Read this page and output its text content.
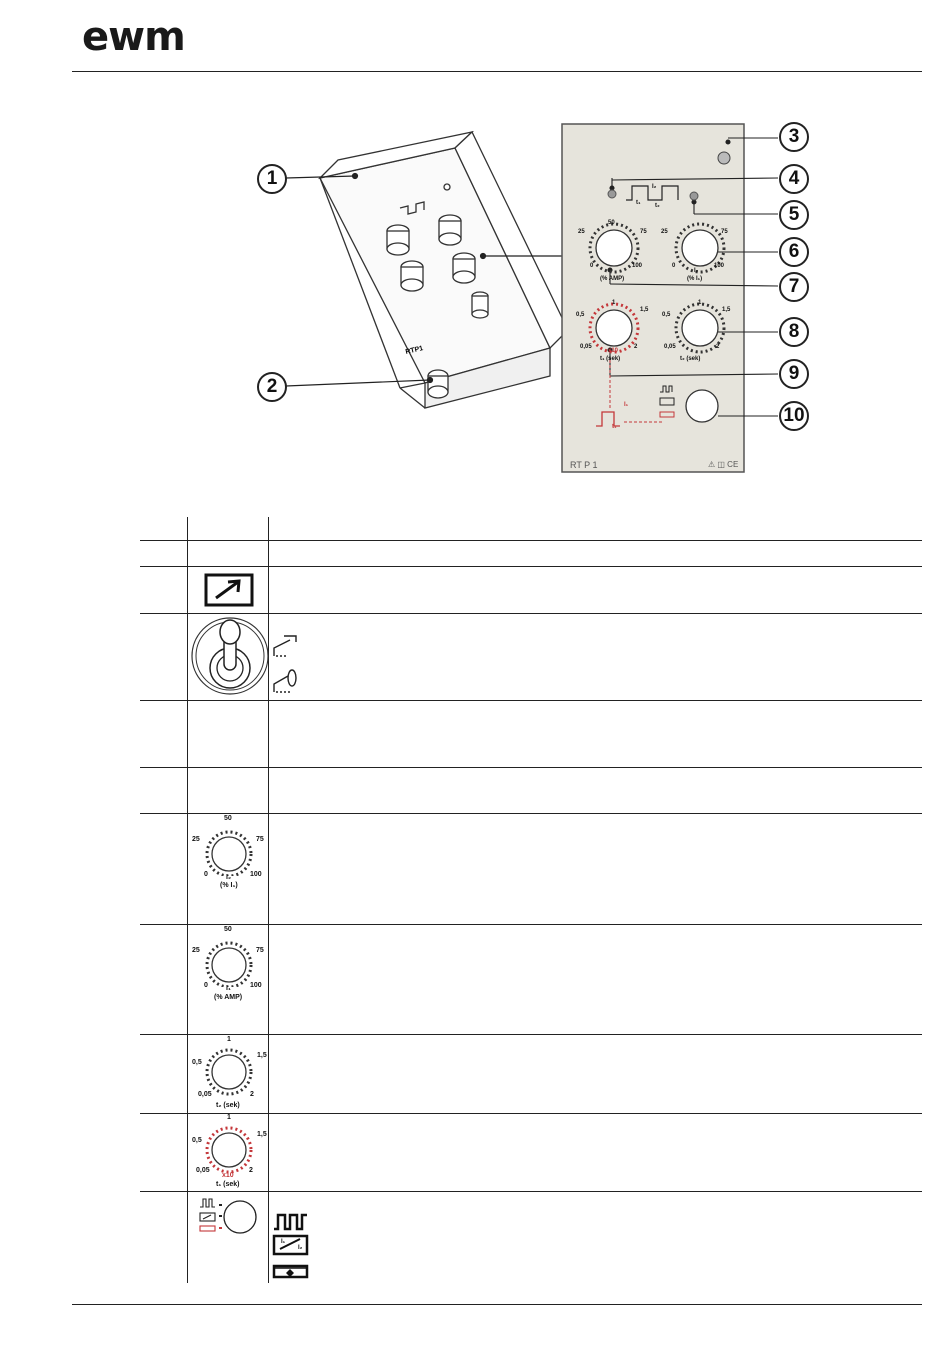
ewm
RTP1
1
2
3
4
5
6
7
8
9
10
25
50
75
0	100
(% AMP)
25	75
0	100
I₂
(% I₁)
0,5
1
1,5
0,05	2
x10
t₁ (sek)
0,5
1
1,5
0,05	2
t₂ (sek)
I₂
t₁ t₂
I₁
t₁
RT P 1	⚠ ◫ CE
50
25	75
0	100
I₂
(% I₁)
50
25	75
0	100
I₁
(% AMP)
1
0,5
1,5
0,05	2
t₂ (sek)
1
0,5
1,5
0,05	2
x10
t₁ (sek)
I₁
I₂
